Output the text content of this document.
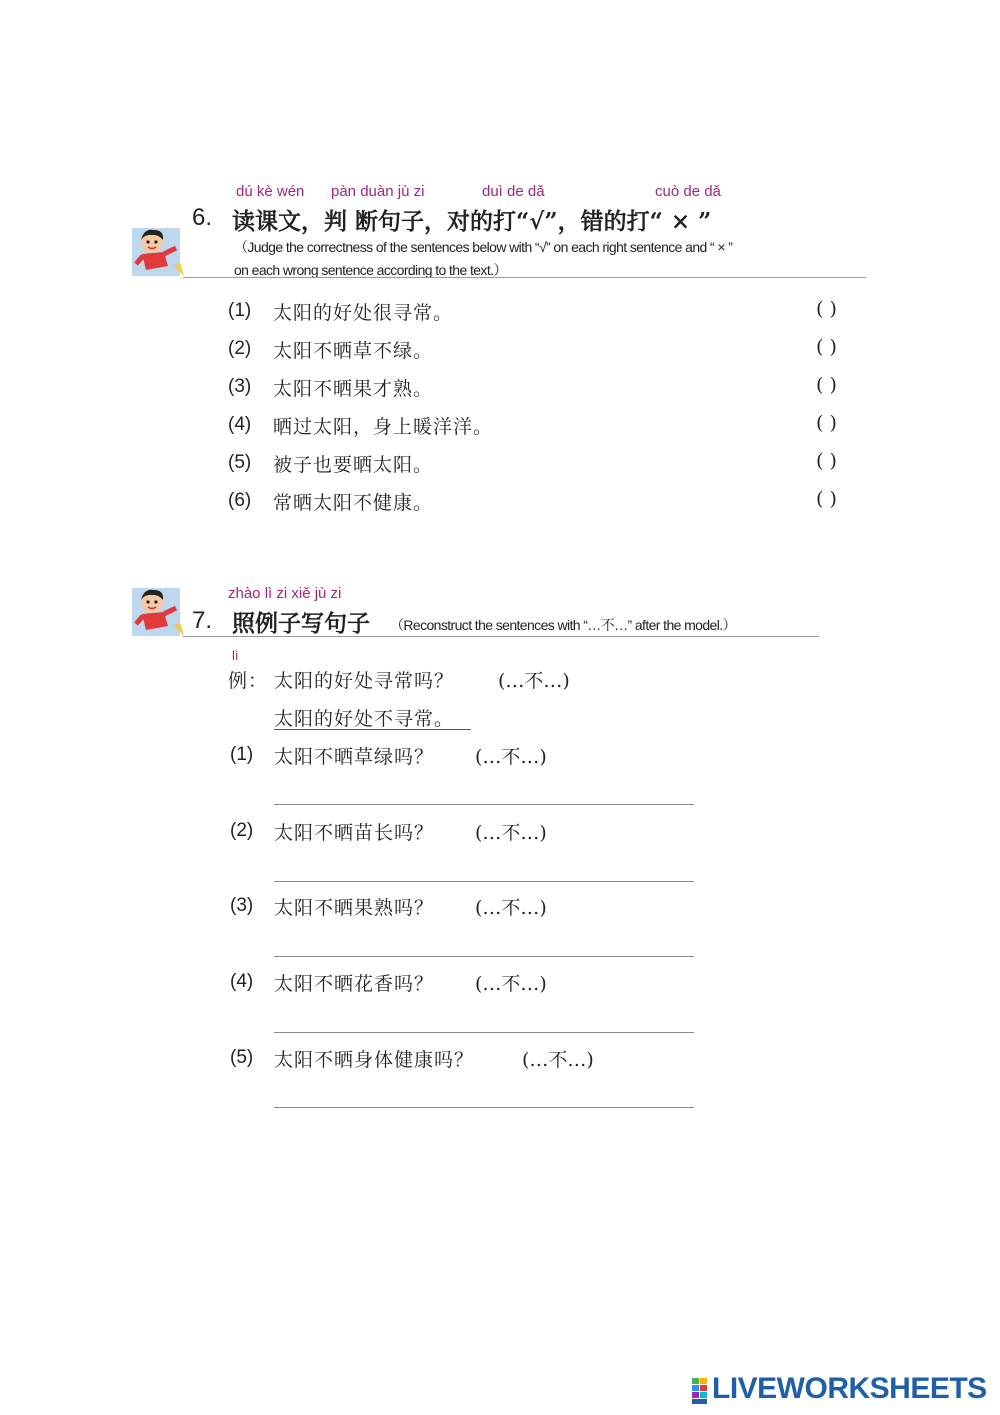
dú kè wén pàn duàn jù zi	duì de dǎ	cuò de dǎ
6. 读课文，判 断句子，对的打“√”，错的打“ × ”
（Judge the correctness of the sentences below with “√” on each right sentence and “ × ”
on each wrong sentence according to the text.）
(1) 太阳的好处很寻常。	( )
(2) 太阳不晒草不绿。	( )
(3) 太阳不晒果才熟。	( )
(4) 晒过太阳，身上暖洋洋。	( )
(5) 被子也要晒太阳。	( )
(6) 常晒太阳不健康。	( )
zhào lì zi xiě jù zi
7. 照例子写句子 （Reconstruct the sentences with “…不…” after the model.）
lì
例： 太阳的好处寻常吗？ (…不…)
太阳的好处不寻常。
(1) 太阳不晒草绿吗？ (…不…)
(2) 太阳不晒苗长吗？ (…不…)
(3) 太阳不晒果熟吗？ (…不…)
(4) 太阳不晒花香吗？ (…不…)
(5) 太阳不晒身体健康吗？	(…不…)
LIVEWORKSHEETS
